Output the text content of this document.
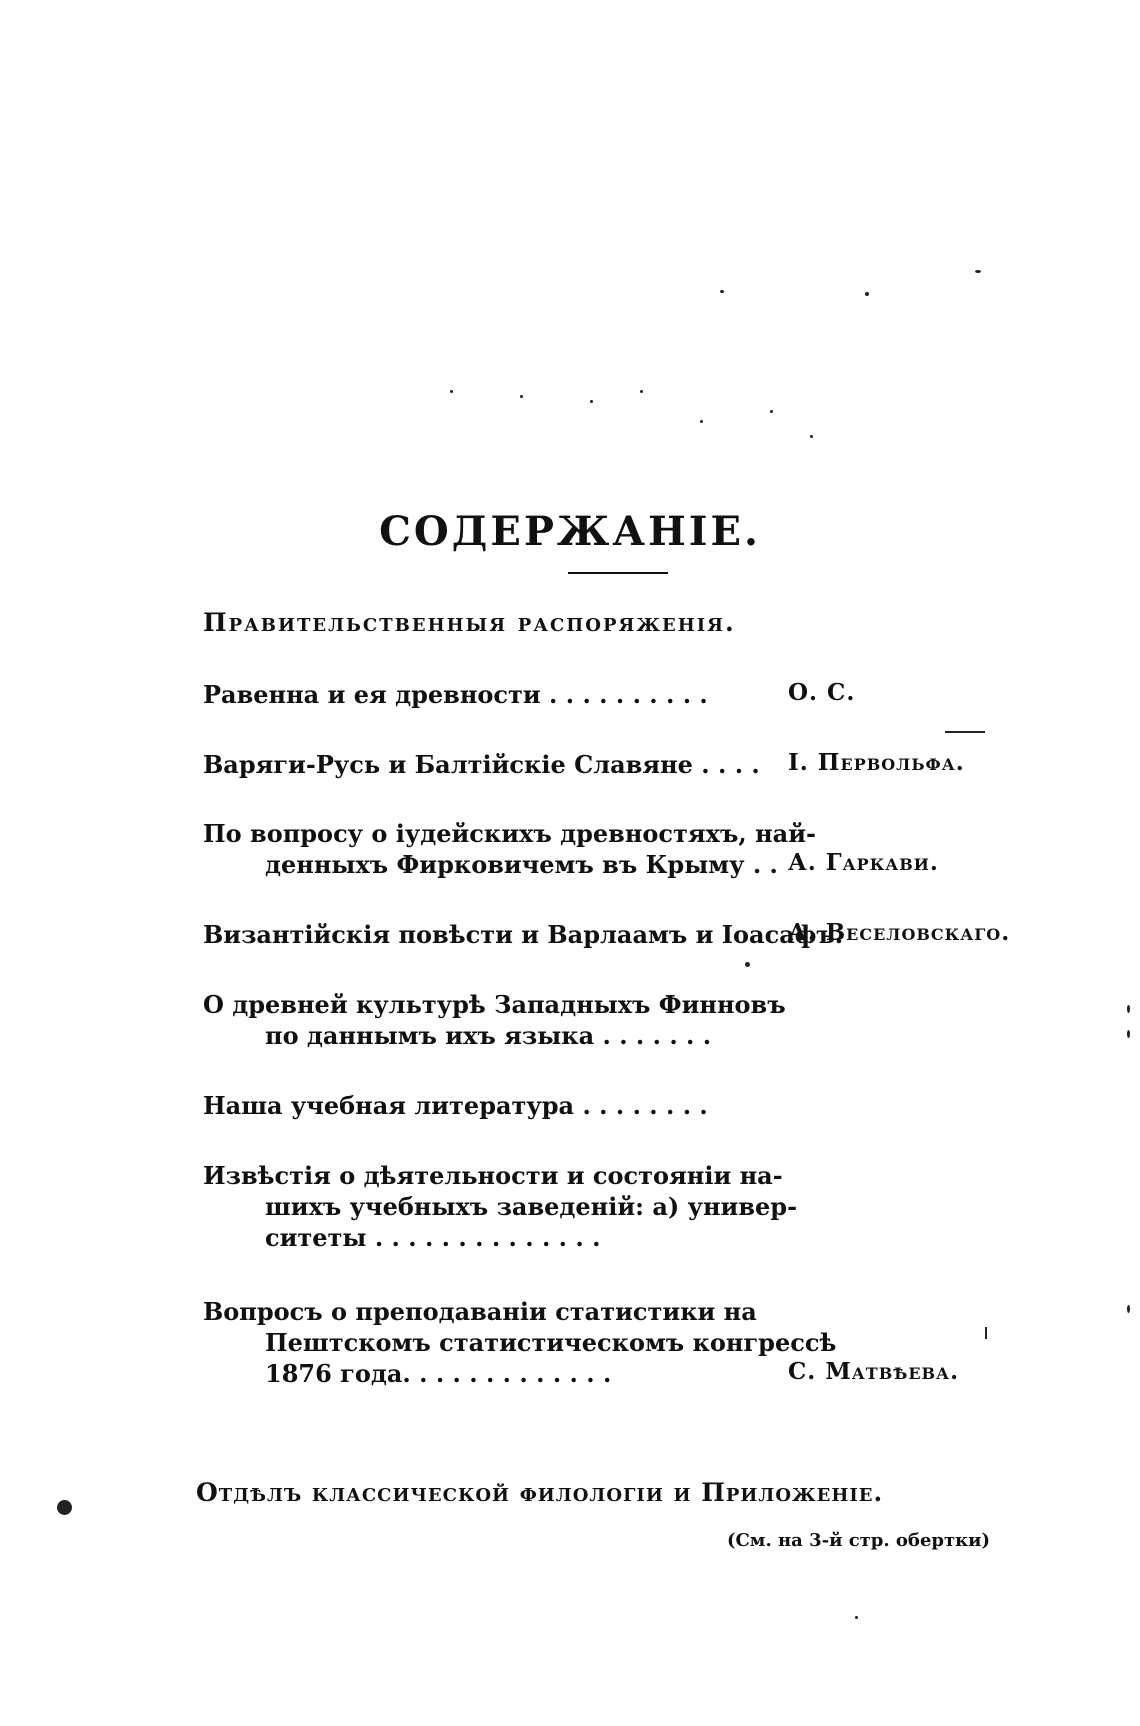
СОДЕРЖАНІЕ.
Правительственныя распоряженія.
Равенна и ея древности . . . . . . . . . .	О. С.
Варяги-Русь и Балтійскіе Славяне . . . . I. Первольфа.
По вопросу о іудейскихъ древностяхъ, най-
денныхъ Фирковичемъ въ Крыму . . А. Гаркави.
Византійскія повѣсти и Варлаамъ и Іоасафъ.
А. Веселовскаго.
О древней культурѣ Западныхъ Финновъ
по даннымъ ихъ языка . . . . . . .
Наша учебная литература . . . . . . . .
Извѣстія о дѣятельности и состояніи на-
шихъ учебныхъ заведеній: а) универ-
ситеты . . . . . . . . . . . . . .
Вопросъ о преподаваніи статистики на
Пештскомъ статистическомъ конгрессѣ
1876 года. . . . . . . . . . . . .	С. Матвѣева.
Отдѣлъ классической филологіи и Приложеніе.
(См. на 3-й стр. обертки)
